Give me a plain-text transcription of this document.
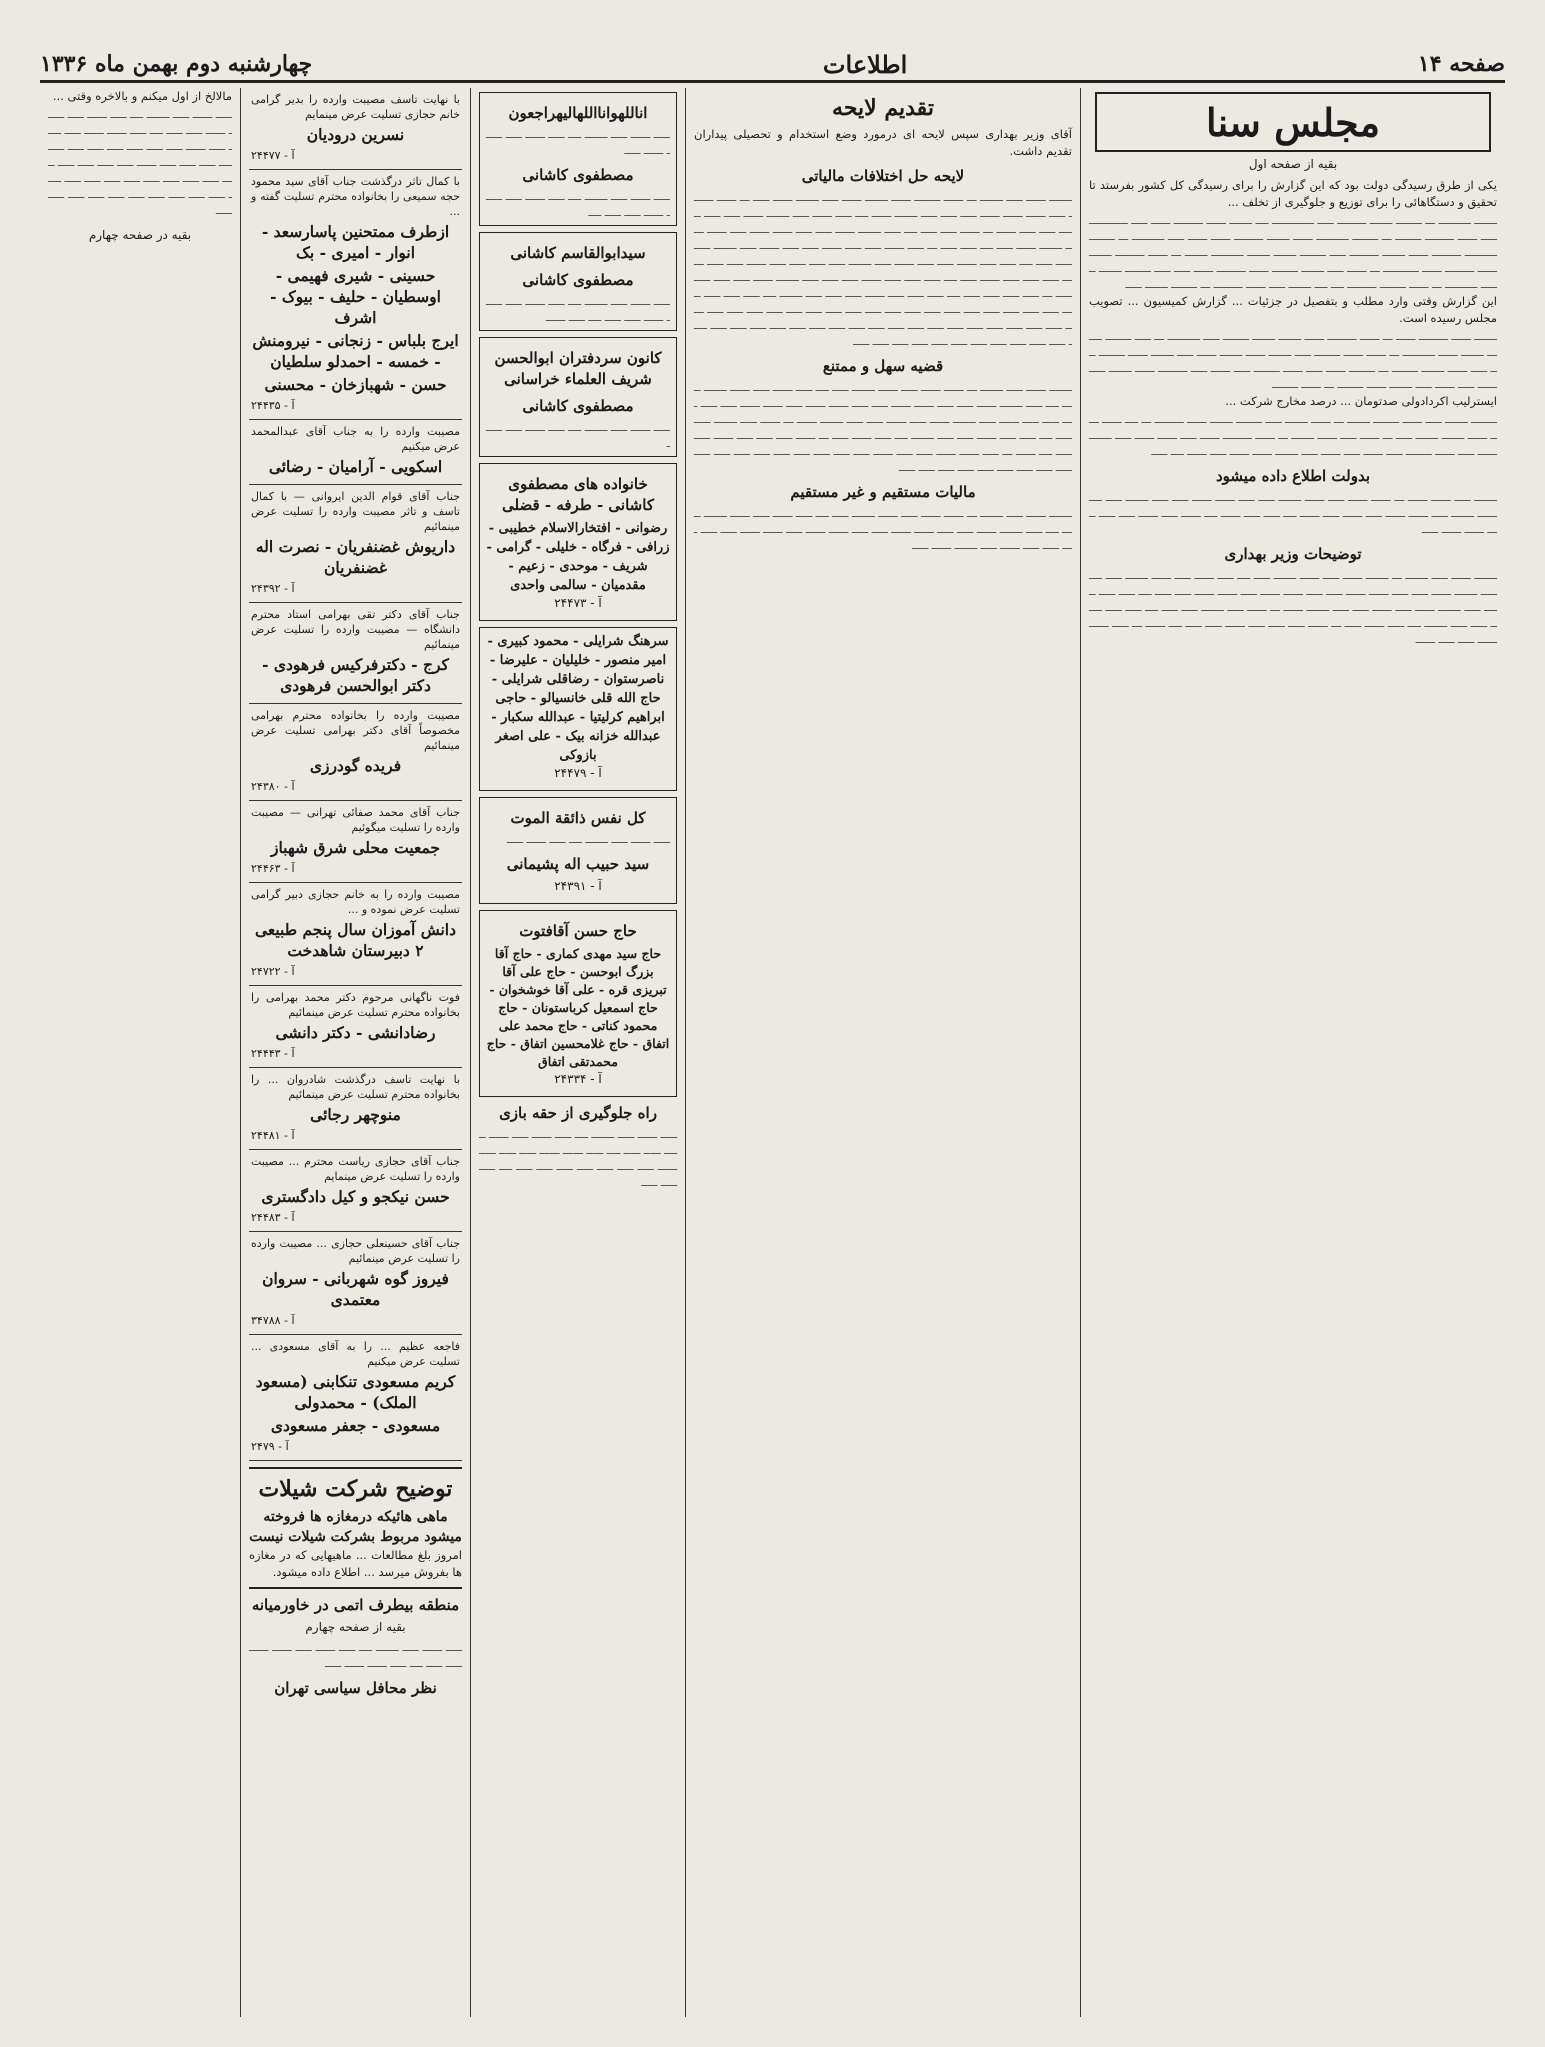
صفحه ۱۴
اطلاعات
چهارشنبه دوم بهمن ماه ۱۳۳۶
مجلس سنا
بقیه از صفحه اول

یکی از طرق رسیدگی دولت بود که این گزارش را برای رسیدگی کل کشور بفرستد تا تحقیق و دستگاهائی را برای توزیع و جلوگیری از تخلف ...

ـــــــ ــــــــــ ـــ ــــــــ ـــــــ ـــــــــ ـــــ ـــــــــــــ ــــ ـــــــ ــــــ ـــــــــ ــــــ ـــــ ــــــــــــ ـــــ ــــــ ـــــــــ ــــــــ ـــ ــــــــ ــــــــــ ــــــ ـــــــ ـــــــــ ــــــ ــــــ ـــــ ــــــــــ ـــ ــــــــ ــــــــــ ـــــــــ ــــــ ـــــــ ـــــــــ ـــــ ــــــــ ـــــــ ـــــــ ــــــــــ ـــــــ ـــ ــــــ ـــــــــ ـــــــ ــــــ ـــــــــ ــــــ ـــــــــــ ـــ ــــــ ـــــ ـــــــ ــــــــ ــــــ ـــــــــ ــــــ ـــــ ـــــ ــــــــ ـــــــ ـــــــ ــــــــــ ـــ ــــــ ــــــــ ـــــــــ ــــ ــــ ـــــــ ـــــ ــــــ ـــــــــ ـــ ــــــــ ـــــــ ـــــ

این گزارش وقتی وارد مطلب و بتفصیل در جزئیات ... گزارش کمیسیون ... تصویب مجلس رسیده است.

ـــــــ ــــــ ـــــــــ ــــــ ـــ ــــــ ـــــــــ ــــــ ـــــــ ـــــــ ــــــــ ـــــ ــــــــــ ـــ ـــــ ــــــــ ـــــــ ـــــــ ــــــ ــــــــــ ـــ ــــــ ــــــ ــــــــ ـــــ ـــــــ ــــــ ـــــــ ــــــ ـــــ ـــــــ ــــــ ــــــــ ــــ ـــــ ــــــ ـــــــ ــــــــ ـــ ــــــــ ــــــ ـــــ ــــــ ــــــــ ـــــ ــــــ ـــــ ـــــــــ ــــــ ـــــــ ـــــ ــــــ ـــــ ــــــ ـــــ ـــــــ ــــــ ــــــــ ـــ ــــــ ــــــــ

ایسترلیب اکردادولی صدتومان ... درصد مخارج شرکت ...

ــــــــ ـــــــ ـــــ ــــــ ــــــــ ـــــــ ـــ ــــــ ـــــــ ـــــ ــــــــ ـــــــ ــــــ ـــــــــ ـــ ــــ ــــــ ـــــ ــــــ ـــــــ ـــــــ ـــــ ـــ ــــــ ـــــ ــــــ ـــــــ ـــ ــــــ ـــــــــ ــــــ ـــــ ــــــ ــــــ ـــــ ـــــــ ــــــ ـــــ ــــــ ــــــــ ـــــ ــــــ ـــــ ــــــ ـــــ ـــــــ ــــــ ــــــ ـــــ ــــــ ــــ ـــــ
بدولت اطلاع داده میشود
ـــــــ ـــــ ــــــ ــــــ ـــ ــــــ ــــــ ـــــ ــــــ ـــــــ ـــــ ـــــ ــــــ ــــــ ـــــ ـــــ ـــــــ ـــــ ــــ ــــــ ـــــــ ـــــ ــــــ ــــــ ـــــ ــــــ ـــــ ــــــ ــــ ـــــ ـــــ ــــــ ــــ ــــــ ـــــ ــــــ ـــــ ـــــ ـــــ ــــــ ــــــ ـــــ
توضیحات وزیر بهداری
ـــــــ ــــــ ـــــ ـــــــ ـــ ـــــــ ــــــ ـــــ ــــــ ـــــــ ـــــ ــــ ـــــ ــــــ ـــــ ــــــ ـــــــ ـــــ ــــ ـــــ ـــــــ ــــــ ـــــ ـــــ ــــــ ــــــ ـــــ ـــــ ــــــ ــــــ ـــــ ــــــ ــــــ ـــــ ـــــ ــــ ـــــ ـــــ ــــــ ـــــ ـــــــ ــــــ ـــــ ــــــ ـــــ ـــــ ـــــــ ــــــ ـــ ــــــ ـــــ ـــــــ ـــــ ـــــ ــــ ـــــ ـــــ ــــــ ـــــ ـــــ ـــــــ ــــ ـــــ ــــــ ـــــ ـــ ــــــ ـــــ ـــــ ـــــ ــــــ ـــــ ـــــ ــــ ــــــ ـــ ـــــ ــــــ ــــــ ـــــ ـــــ ــــــ
تقدیم لایحه

آقای وزیر بهداری سپس لایحه ای درمورد وضع استخدام و تحصیلی پیداران تقدیم داشت.

لایحه حل اختلافات مالیاتی
ـــــــ ــــــ ـــــ ـــــــ ـــ ــــــ ــــــــ ــــــ ـــــــ ــــــ ـــــ ـــــــ ــــــ ـــــ ـــ ــــــ ـــــــ ـــــ ــــــ ــــــ ــــــ ـــــ ـــــ ـــــ ـــــــ ــــــ ــــ ـــــ ــــــ ـــــ ـــــــ ــــــ ـــــ ـــــ ــــــ ـــــ ـــــ ــــــ ـــ ــــــ ـــــ ـــــ ــــ ـــــ ـــــــ ــــــ ـــــ ـــــ ــــــ ــــــ ـــــ ــــــ ـــــ ـــــــ ــــــ ـــــ ــــ ـــــ ـــــ ـــ ـــــ ــــــ ـــــ ـــــ ــــــ ـــــ ـــــ ــــــ ـــــ ـــــــ ـــــ ـــــ ـــــ ــــ ـــــ ـــــ ــــــ ـــــ ـــــ ــــــ ـــــ ـــــــ ـــــ ـــــ ـــــ ـــــ ــــــ ـــــ ـــــ ــــــ ـــــ ـــــ ـــــ ــــــ ـــــ ــــ ـــــ ـــــ ـــــ ــــــ ـــــ ـــــ ـــــ ـــــــ ــــــ ـــــ ـــــ ـــــ ـــــ ـــ ـــــ ـــــ ـــــ ـــــ ــــ ـــــ ـــــ ـــــ ــــــ ـــــ ـــــ ـــــ ـــــــ ــــ ـــــ ـــــ ـــــ ـــــ ـــــ ـــــ ـــــ ـــــ ـــــ ـــــ ـــــ ـــــ ـــــ ـــــ ـــــ ـــــ ـــــ ـــــ ـــــ ـــــ ـــــ ـــــ ـــــ ـــــ ـــــ ـــــ ـــــ ـــــ ـــــ ـــــ ـــــ ـــــ ـــــ ـــــ ـــــ ـــــ ـــــ ـــــ ـــــ ـــــ ـــــ ـــــ ـــــ ـــــ ـــــ ـــــ ـــــ ـــــ ـــــ ـــــ ـــــ ـــــ ـــــ
قضیه سهل و ممتنع
ـــــــ ــــــ ـــــ ـــــــ ـــ ــــــ ــــــ ـــــ ــــــ ـــــــ ـــــ ــــ ـــــ ــــــ ـــــ ــــــ ـــــــ ـــــ ــــ ـــــ ـــــــ ــــــ ـــــ ـــــ ــــــ ــــــ ـــــ ـــــ ــــــ ــــــ ـــــ ــــــ ــــــ ـــــ ـــــ ــــ ـــــ ـــــ ــــــ ـــــ ـــــــ ــــــ ـــــ ــــــ ـــــ ـــــ ـــــــ ــــــ ـــ ــــــ ـــــ ـــــــ ـــــ ـــــ ــــ ـــــ ـــــ ــــــ ـــــ ـــــ ـــــــ ــــ ـــــ ــــــ ـــــ ـــ ــــــ ـــــ ـــــ ـــــ ــــــ ـــــ ـــــ ــــ ــــــ ـــ ـــــ ــــــ ــــــ ـــــ ـــــ ــــــ ـــــ ـــــ ـــــ ـــــ ـــــ ـــــ ـــــ ـــــ ـــــ ـــــ ـــــ ـــــ ـــــ ـــــ ـــــ ـــــ ـــــ ـــــ
مالیات مستقیم و غیر مستقیم
ـــــــ ــــــ ـــــ ـــــــ ـــ ــــــ ــــــ ـــــ ــــــ ـــــــ ـــــ ــــ ـــــ ــــــ ـــــ ــــــ ـــــــ ـــــ ــــ ـــــ ـــــــ ــــــ ـــــ ـــــ ــــــ ــــــ ـــــ ـــــ ــــــ ــــــ ـــــ ــــــ ــــــ ـــــ ـــــ ــــ ـــــ ـــــ ــــــ ـــــ ـــــــ ــــــ ـــــ
اناللهوانااللهالیهراجعون
ـــــ ــــــ ـــــ ـــــــ ــــ ـــــ ــــــ ـــــ ــــــ ــــــ ـــــ
مصطفوی کاشانی
ـــــ ــــــ ـــــ ـــــــ ــــ ـــــ ــــــ ـــــ ــــــ ــــــ ـــــ ـــــ ــــ
سیدابوالقاسم کاشانی
مصطفوی کاشانی
ـــــ ــــــ ـــــ ـــــــ ــــ ـــــ ــــــ ـــــ ــــــ ــــــ ـــــ ـــــ ــــ ـــــ ــــــ
کانون سردفتران ابوالحسن شریف العلماء خراسانی
مصطفوی کاشانی
ـــــ ــــــ ـــــ ـــــــ ــــ ـــــ ــــــ ـــــ ــــــ
خانواده های مصطفوی کاشانی - طرفه - قضلی
رضوانی - افتخارالاسلام خطیبی - زرافی - فرگاه - خلیلی - گرامی - شریف - موحدی - زعیم - مقدمیان - سالمی واحدی
آ - ۲۴۴۷۳
سرهنگ شرایلی - محمود کبیری - امیر منصور - خلیلیان - علیرضا - ناصرستوان - رضاقلی شرایلی - حاج الله قلی خانسیالو - حاجی ابراهیم کرلیتیا - عبدالله سکبار - عبدالله خزانه بیک - علی اصغر بازوکی
آ - ۲۴۴۷۹
کل نفس ذائقة الموت
ـــــ ــــــ ـــــ ـــــــ ــــ ـــــ ــــــ ـــــ
سید حبیب اله پشیمانی
آ - ۲۴۳۹۱
حاج حسن آقافتوت
حاج سید مهدی کماری - حاج آقا بزرگ ابوحسن - حاج علی آقا تبریزی قره - علی آقا خوشخوان - حاج اسمعیل کرباستونان - حاج محمود کناتی - حاج محمد علی اتفاق - حاج غلامحسین اتفاق - حاج محمدتقی اتفاق
آ - ۲۴۳۳۴
راه جلوگیری از حقه بازی
ـــــ ــــــ ـــــ ـــــــ ــــ ـــــ ــــــ ـــــ ــــــ ــــــ ـــــ ـــــ ــــ ـــــ ــــــ ــــــ ـــــ ـــــ ـــــ ــــــ ـــــ ـــــ ـــــ ـــــ ـــــ ـــــ ـــــ ــــ ـــــ ـــــ ـــــ
با نهایت تاسف مصیبت وارده را بدیر گرامی خانم حجازی تسلیت عرض مینمایم
نسرین درودیان
آ - ۲۴۴۷۷
با کمال تاثر درگذشت جناب آقای سید محمود حجه سمیعی را بخانواده محترم تسلیت گفته و ...
ازطرف ممتحنین پاسارسعد - انوار - امیری - بک
حسینی - شیری فهیمی - اوسطیان - حلیف - بیوک - اشرف
ایرج بلباس - زنجانی - نیرومنش - خمسه - احمدلو سلطیان
حسن - شهبازخان - محسنی
آ - ۲۴۴۳۵
مصیبت وارده را به جناب آقای عبدالمحمد عرض میکنیم
اسکویی - آرامیان - رضائی
جناب آقای قوام الدین ایروانی — با کمال تاسف و تاثر مصیبت وارده را تسلیت عرض مینمائیم
داریوش غضنفریان - نصرت اله غضنفریان
آ - ۲۴۳۹۲
جناب آقای دکتر تقی بهرامی استاد محترم دانشگاه — مصیبت وارده را تسلیت عرض مینمائیم
کرج - دکترفرکیس فرهودی - دکتر ابوالحسن فرهودی
مصیبت وارده را بخانواده محترم بهرامی مخصوصاً آقای دکتر بهرامی تسلیت عرض مینمائیم
فریده گودرزی
آ - ۲۴۳۸۰
جناب آقای محمد صفائی تهرانی — مصیبت وارده را تسلیت میگوئیم
جمعیت محلی شرق شهباز
آ - ۲۴۴۶۳
مصیبت وارده را به خانم حجازی دبیر گرامی تسلیت عرض نموده و ...
دانش آموزان سال پنجم طبیعی ۲ دبیرستان شاهدخت
آ - ۲۴۷۲۲
فوت ناگهانی مرحوم دکتر محمد بهرامی را بخانواده محترم تسلیت عرض مینمائیم
رضادانشی - دکتر دانشی
آ - ۲۴۴۴۳
با نهایت تاسف درگذشت شادروان ... را بخانواده محترم تسلیت عرض مینمائیم
منوچهر رجائی
آ - ۲۴۴۸۱
جناب آقای حجازی ریاست محترم ... مصیبت وارده را تسلیت عرض مینمایم
حسن نیکجو و کیل دادگستری
آ - ۲۴۴۸۳
جناب آقای حسینعلی حجازی ... مصیبت وارده را تسلیت عرض مینمائیم
فیروز گوه شهربانی - سروان معتمدی
آ - ۳۴۷۸۸
فاجعه عظیم ... را به آقای مسعودی ... تسلیت عرض میکنیم
کریم مسعودی تنکابنی (مسعود الملک) - محمدولی
مسعودی - جعفر مسعودی
آ - ۲۴۷۹
توضیح شرکت شیلات
ماهی هائیکه درمغازه ها فروخته میشود مربوط بشرکت شیلات نیست

امروز بلغ مطالعات ... ماهیهایی که در مغازه ها بفروش میرسد ... اطلاع داده میشود.

منطقه بیطرف اتمی در خاورمیانه
بقیه از صفحه چهارم
ـــــ ــــــ ـــــ ـــــــ ــــ ـــــ ــــــ ـــــ ــــــ ــــــ ـــــ ـــــ ــــ ـــــ ــــــ ــــــ ـــــ
نظر محافل سیاسی تهران

مالالخ از اول میکنم و بالاخره وقتی ...

ـــــ ــــــ ـــــ ـــــــ ــــ ـــــ ــــــ ـــــ ــــــ ــــــ ـــــ ـــــ ــــ ـــــ ــــــ ــــــ ـــــ ـــــ ـــــ ــــــ ـــــ ـــــ ـــــ ـــــ ـــــ ـــــ ـــــ ــــ ـــــ ـــــ ـــــ ــــــ ـــــ ـــــ ـــــ ـــــ ـــــ ـــــ ـــــ ـــــ ـــــ ـــــ ـــــ ـــــ ـــــ ـــــ ـــــ ـــــ ـــــ ـــــ ـــــ ـــــ ـــــ ـــــ ـــــ ـــــ
بقیه در صفحه چهارم
